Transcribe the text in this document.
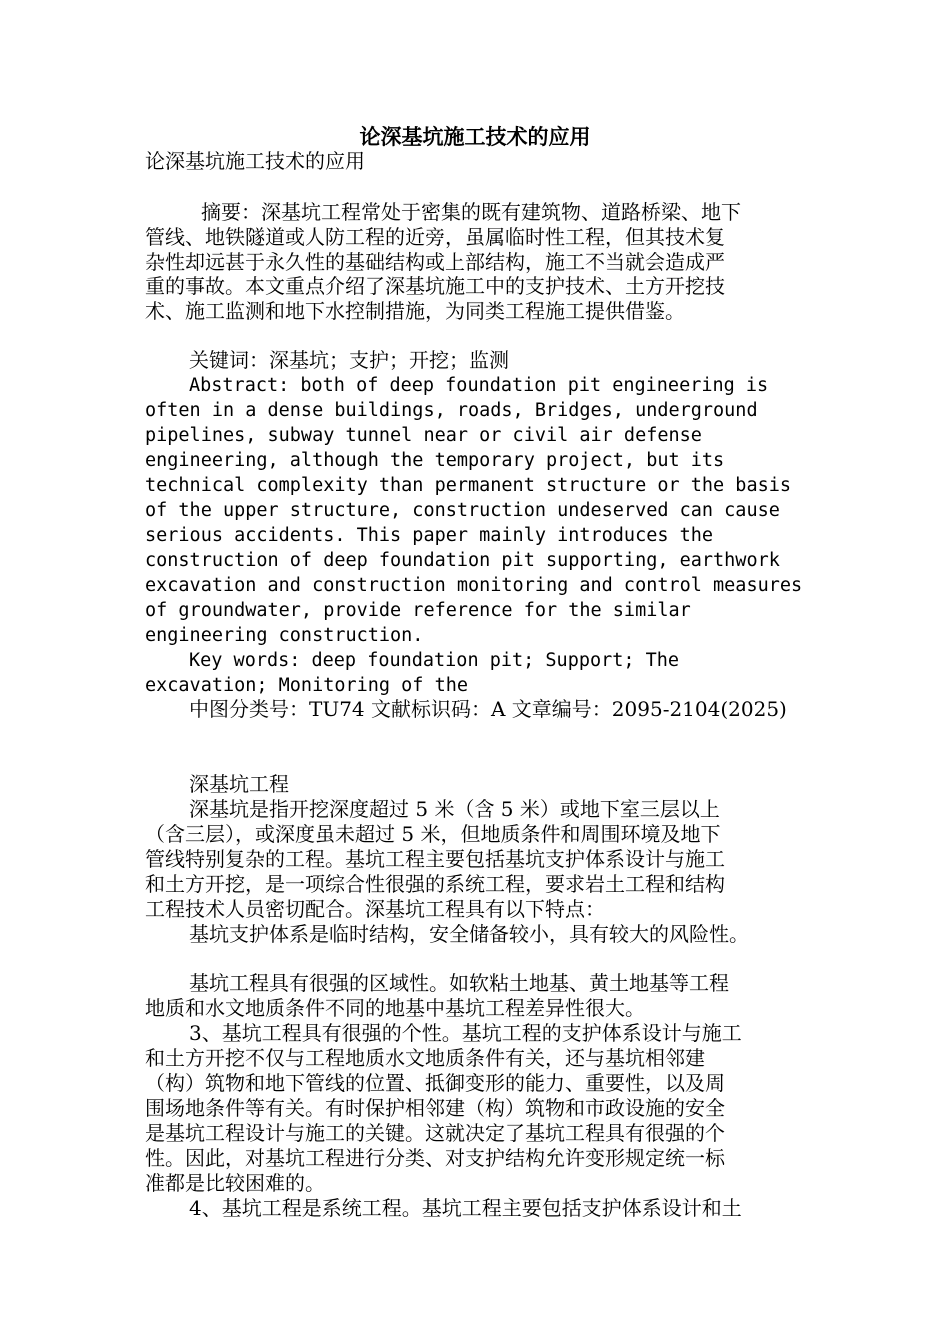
论深基坑施工技术的应用
论深基坑施工技术的应用
摘要：深基坑工程常处于密集的既有建筑物、道路桥梁、地下
管线、地铁隧道或人防工程的近旁，虽属临时性工程，但其技术复
杂性却远甚于永久性的基础结构或上部结构，施工不当就会造成严
重的事故。本文重点介绍了深基坑施工中的支护技术、土方开挖技
术、施工监测和地下水控制措施，为同类工程施工提供借鉴。
关键词：深基坑；支护；开挖；监测
Abstract: both of deep foundation pit engineering is
often in a dense buildings, roads, Bridges, underground
pipelines, subway tunnel near or civil air defense
engineering, although the temporary project, but its
technical complexity than permanent structure or the basis
of the upper structure, construction undeserved can cause
serious accidents. This paper mainly introduces the
construction of deep foundation pit supporting, earthwork
excavation and construction monitoring and control measures
of groundwater, provide reference for the similar
engineering construction.
Key words: deep foundation pit; Support; The
excavation; Monitoring of the
中图分类号：TU74 文献标识码：A 文章编号：2095-2104(2025)
深基坑工程
深基坑是指开挖深度超过 5 米（含 5 米）或地下室三层以上
（含三层），或深度虽未超过 5 米，但地质条件和周围环境及地下
管线特别复杂的工程。基坑工程主要包括基坑支护体系设计与施工
和土方开挖，是一项综合性很强的系统工程，要求岩土工程和结构
工程技术人员密切配合。深基坑工程具有以下特点：
基坑支护体系是临时结构，安全储备较小，具有较大的风险性。
基坑工程具有很强的区域性。如软粘土地基、黄土地基等工程
地质和水文地质条件不同的地基中基坑工程差异性很大。
3、基坑工程具有很强的个性。基坑工程的支护体系设计与施工
和土方开挖不仅与工程地质水文地质条件有关，还与基坑相邻建
（构）筑物和地下管线的位置、抵御变形的能力、重要性，以及周
围场地条件等有关。有时保护相邻建（构）筑物和市政设施的安全
是基坑工程设计与施工的关键。这就决定了基坑工程具有很强的个
性。因此，对基坑工程进行分类、对支护结构允许变形规定统一标
准都是比较困难的。
4、基坑工程是系统工程。基坑工程主要包括支护体系设计和土
